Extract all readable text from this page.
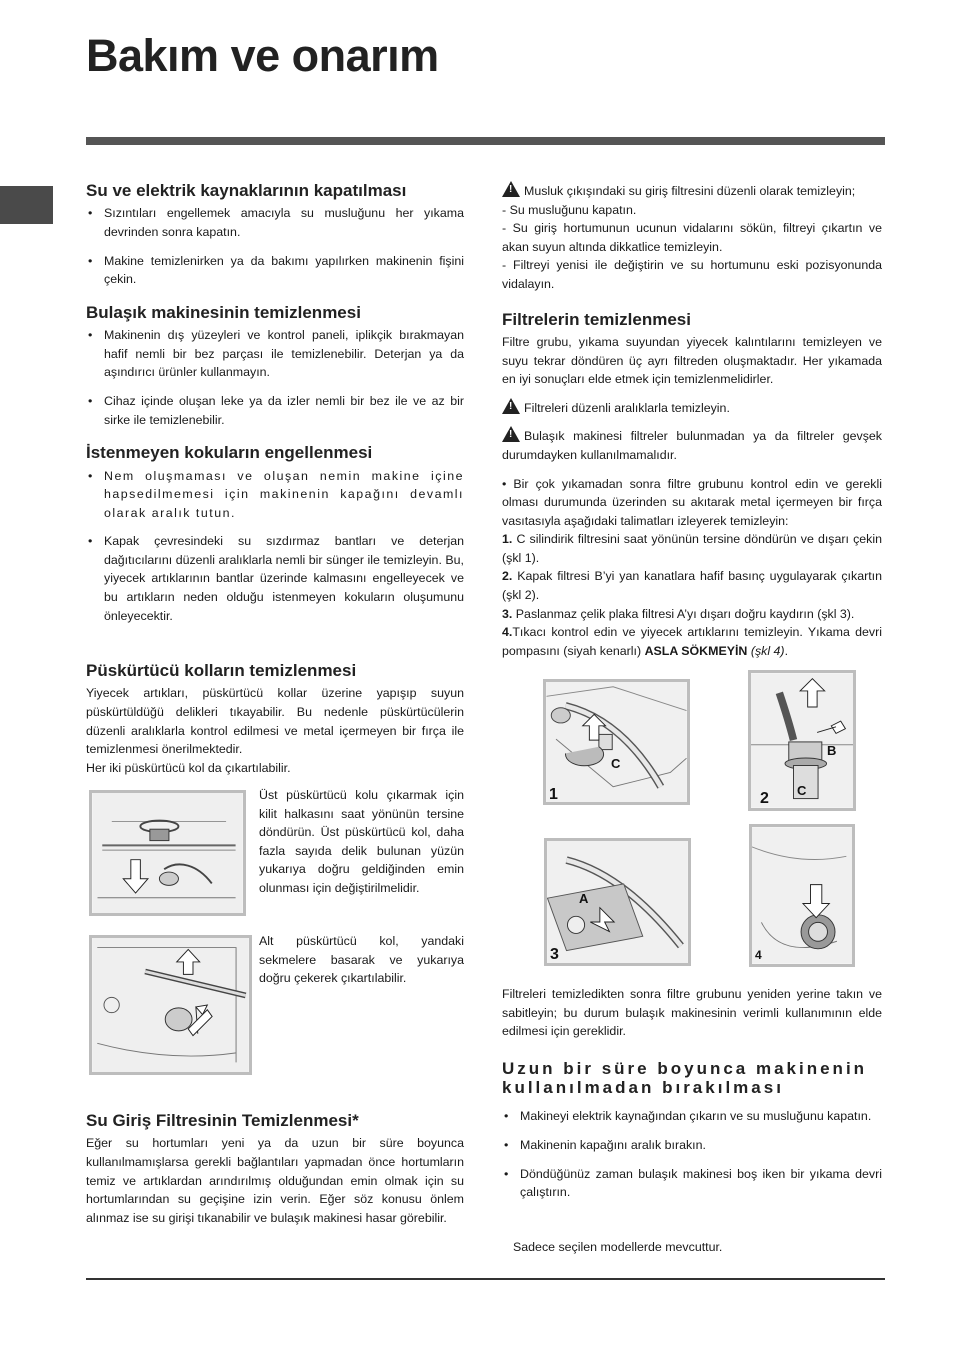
Bakım ve onarım
Su ve elektrik kaynaklarının kapatılması
• Sızıntıları engellemek amacıyla su musluğunu her yıkama devrinden sonra kapatın.
• Makine temizlenirken ya da bakımı yapılırken makinenin fişini çekin.
Bulaşık makinesinin temizlenmesi
• Makinenin dış yüzeyleri ve kontrol paneli, iplikçik bırakmayan hafif nemli bir bez parçası ile temizlenebilir. Deterjan ya da aşındırıcı ürünler kullanmayın.
• Cihaz içinde oluşan leke ya da izler nemli bir bez ile ve az bir sirke ile temizlenebilir.
İstenmeyen kokuların engellenmesi
• Nem oluşmaması ve oluşan nemin makine içine hapsedilmemesi için makinenin kapağını devamlı olarak aralık tutun.
• Kapak çevresindeki su sızdırmaz bantları ve deterjan dağıtıcılarını düzenli aralıklarla nemli bir sünger ile temizleyin. Bu, yiyecek artıklarının bantlar üzerinde kalmasını engelleyecek ve bu artıkların neden olduğu istenmeyen kokuların oluşumunu önleyecektir.
Püskürtücü kolların temizlenmesi

Yiyecek artıkları, püskürtücü kollar üzerine yapışıp suyun püskürtüldüğü delikleri tıkayabilir. Bu nedenle püskürtücülerin düzenli aralıklarla kontrol edilmesi ve metal içermeyen bir fırça ile temizlenmesi önerilmektedir.

Her iki püskürtücü kol da çıkartılabilir.

Üst püskürtücü kolu çıkarmak için kilit halkasını saat yönünün tersine döndürün. Üst püskürtücü kol, daha fazla sayıda delik bulunan yüzün yukarıya doğru geldiğinden emin olunması için değiştirilmelidir.
Alt püskürtücü kol, yandaki sekmelere basarak ve yukarıya doğru çekerek çıkartılabilir.
Su Giriş Filtresinin Temizlenmesi*

Eğer su hortumları yeni ya da uzun bir süre boyunca kullanılmamışlarsa gerekli bağlantıları yapmadan önce hortumların temiz ve artıklardan arındırılmış olduğundan emin olmak için su hortumlarından su geçişine izin verin. Eğer söz konusu önlem alınmaz ise su girişi tıkanabilir ve bulaşık makinesi hasar görebilir.

!Musluk çıkışındaki su giriş filtresini düzenli olarak temizleyin;

- Su musluğunu kapatın.

- Su giriş hortumunun ucunun vidalarını sökün, filtreyi çıkartın ve akan suyun altında dikkatlice temizleyin.

- Filtreyi yenisi ile değiştirin ve su hortumunu eski pozisyonunda vidalayın.

Filtrelerin temizlenmesi

Filtre grubu, yıkama suyundan yiyecek kalıntılarını temizleyen ve suyu tekrar döndüren üç ayrı filtreden oluşmaktadır. Her yıkamada en iyi sonuçları elde etmek için temizlenmelidirler.

!Filtreleri düzenli aralıklarla temizleyin.

!Bulaşık makinesi filtreler bulunmadan ya da filtreler gevşek durumdayken kullanılmamalıdır.

• Bir çok yıkamadan sonra filtre grubunu kontrol edin ve gerekli olması durumunda üzerinden su akıtarak metal içermeyen bir fırça vasıtasıyla aşağıdaki talimatları izleyerek temizleyin:

1. C silindirik filtresini saat yönünün tersine döndürün ve dışarı çekin (şkl 1).

2. Kapak filtresi B’yi yan kanatlara hafif basınç uygulayarak çıkartın (şkl 2).

3. Paslanmaz çelik plaka filtresi A’yı dışarı doğru kaydırın (şkl 3).

4.Tıkacı kontrol edin ve yiyecek artıklarını temizleyin. Yıkama devri pompasını (siyah kenarlı) ASLA SÖKMEYİN (şkl 4).

1
C
2
B
C
3
A
4

Filtreleri temizledikten sonra filtre grubunu yeniden yerine takın ve sabitleyin; bu durum bulaşık makinesinin verimli kullanımının elde edilmesi için gereklidir.

Uzun bir süre boyunca makinenin kullanılmadan bırakılması
• Makineyi elektrik kaynağından çıkarın ve su musluğunu kapatın.
• Makinenin kapağını aralık bırakın.
• Döndüğünüz zaman bulaşık makinesi boş iken bir yıkama devri çalıştırın.

Sadece seçilen modellerde mevcuttur.
